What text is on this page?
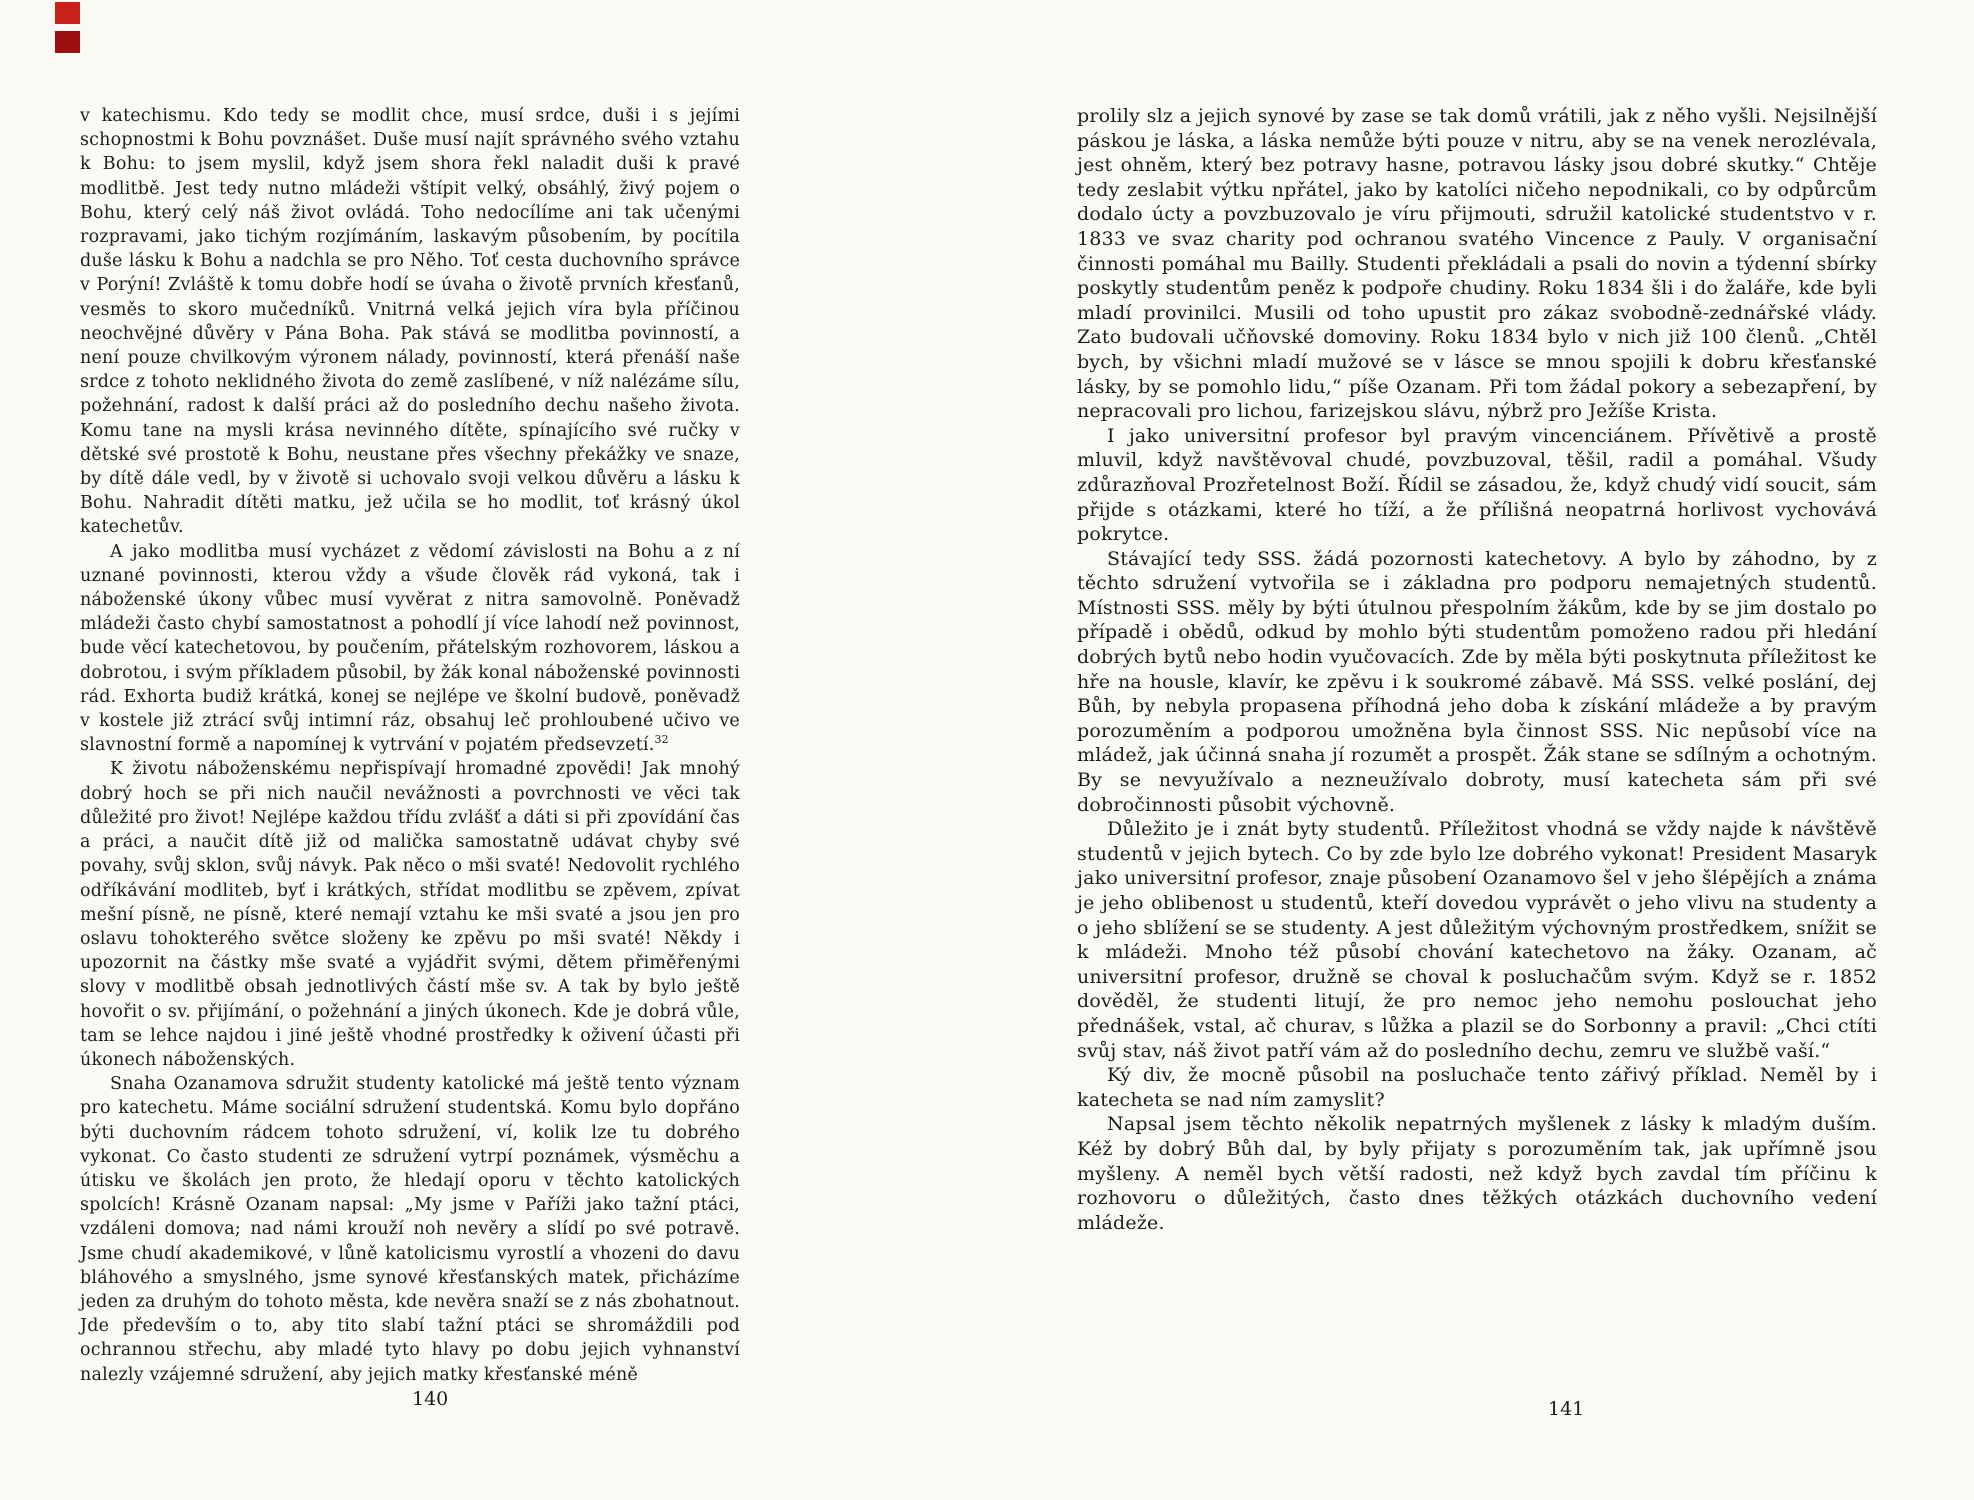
v katechismu. Kdo tedy se modlit chce, musí srdce, duši i s jejími schopnostmi k Bohu povznášet. Duše musí najít správného svého vztahu k Bohu: to jsem myslil, když jsem shora řekl naladit duši k pravé modlitbě. Jest tedy nutno mládeži vštípit velký, obsáhlý, živý pojem o Bohu, který celý náš život ovládá. Toho nedocílíme ani tak učenými rozpravami, jako tichým rozjímáním, laskavým působením, by pocítila duše lásku k Bohu a nadchla se pro Něho. Toť cesta duchovního správce v Porýní! Zvláště k tomu dobře hodí se úvaha o životě prvních křesťanů, vesměs to skoro mučedníků. Vnitrná velká jejich víra byla příčinou neochvějné důvěry v Pána Boha. Pak stává se modlitba povinností, a není pouze chvilkovým výronem nálady, povinností, která přenáší naše srdce z tohoto neklidného života do země zaslíbené, v níž nalézáme sílu, požehnání, radost k další práci až do posledního dechu našeho života. Komu tane na mysli krása nevinného dítěte, spínajícího své ručky v dětské své prostotě k Bohu, neustane přes všechny překážky ve snaze, by dítě dále vedl, by v životě si uchovalo svoji velkou důvěru a lásku k Bohu. Nahradit dítěti matku, jež učila se ho modlit, toť krásný úkol katechetův.

A jako modlitba musí vycházet z vědomí závislosti na Bohu a z ní uznané povinnosti, kterou vždy a všude člověk rád vykoná, tak i náboženské úkony vůbec musí vyvěrat z nitra samovolně. Poněvadž mládeži často chybí samostatnost a pohodlí jí více lahodí než povinnost, bude věcí katechetovou, by poučením, přátelským rozhovorem, láskou a dobrotou, i svým příkladem působil, by žák konal náboženské povinnosti rád. Exhorta budiž krátká, konej se nejlépe ve školní budově, poněvadž v kostele již ztrácí svůj intimní ráz, obsahuj leč prohloubené učivo ve slavnostní formě a napomínej k vytrvání v pojatém předsevzetí.$^{32}$

K životu náboženskému nepřispívají hromadné zpovědi! Jak mnohý dobrý hoch se při nich naučil nevážnosti a povrchnosti ve věci tak důležité pro život! Nejlépe každou třídu zvlášť a dáti si při zpovídání čas a práci, a naučit dítě již od malička samostatně udávat chyby své povahy, svůj sklon, svůj návyk. Pak něco o mši svaté! Nedovolit rychlého odříkávání modliteb, byť i krátkých, střídat modlitbu se zpěvem, zpívat mešní písně, ne písně, které nemají vztahu ke mši svaté a jsou jen pro oslavu tohokterého světce složeny ke zpěvu po mši svaté! Někdy i upozornit na částky mše svaté a vyjádřit svými, dětem přiměřenými slovy v modlitbě obsah jednotlivých částí mše sv. A tak by bylo ještě hovořit o sv. přijímání, o požehnání a jiných úkonech. Kde je dobrá vůle, tam se lehce najdou i jiné ještě vhodné prostředky k oživení účasti při úkonech náboženských.

Snaha Ozanamova sdružit studenty katolické má ještě tento význam pro katechetu. Máme sociální sdružení studentská. Komu bylo dopřáno býti duchovním rádcem tohoto sdružení, ví, kolik lze tu dobrého vykonat. Co často studenti ze sdružení vytrpí poznámek, výsměchu a útisku ve školách jen proto, že hledají oporu v těchto katolických spolcích! Krásně Ozanam napsal: „My jsme v Paříži jako tažní ptáci, vzdáleni domova; nad námi krouží noh nevěry a slídí po své potravě. Jsme chudí akademikové, v lůně katolicismu vyrostlí a vhozeni do davu bláhového a smyslného, jsme synové křesťanských matek, přicházíme jeden za druhým do tohoto města, kde nevěra snaží se z nás zbohatnout. Jde především o to, aby tito slabí tažní ptáci se shromáždili pod ochrannou střechu, aby mladé tyto hlavy po dobu jejich vyhnanství nalezly vzájemné sdružení, aby jejich matky křesťanské méně

140

prolily slz a jejich synové by zase se tak domů vrátili, jak z něho vyšli. Nejsilnější páskou je láska, a láska nemůže býti pouze v nitru, aby se na venek nerozlévala, jest ohněm, který bez potravy hasne, potravou lásky jsou dobré skutky.“ Chtěje tedy zeslabit výtku npřátel, jako by katolíci ničeho nepodnikali, co by odpůrcům dodalo úcty a povzbuzovalo je víru přijmouti, sdružil katolické studentstvo v r. 1833 ve svaz charity pod ochranou svatého Vincence z Pauly. V organisační činnosti pomáhal mu Bailly. Studenti překládali a psali do novin a týdenní sbírky poskytly studentům peněz k podpoře chudiny. Roku 1834 šli i do žaláře, kde byli mladí provinilci. Musili od toho upustit pro zákaz svobodně-zednářské vlády. Zato budovali učňovské domoviny. Roku 1834 bylo v nich již 100 členů. „Chtěl bych, by všichni mladí mužové se v lásce se mnou spojili k dobru křesťanské lásky, by se pomohlo lidu,“ píše Ozanam. Při tom žádal pokory a sebezapření, by nepracovali pro lichou, farizejskou slávu, nýbrž pro Ježíše Krista.

I jako universitní profesor byl pravým vincenciánem. Přívětivě a prostě mluvil, když navštěvoval chudé, povzbuzoval, těšil, radil a pomáhal. Všudy zdůrazňoval Prozřetelnost Boží. Řídil se zásadou, že, když chudý vidí soucit, sám přijde s otázkami, které ho tíží, a že přílišná neopatrná horlivost vychovává pokrytce.

Stávající tedy SSS. žádá pozornosti katechetovy. A bylo by záhodno, by z těchto sdružení vytvořila se i základna pro podporu nemajetných studentů. Místnosti SSS. měly by býti útulnou přespolním žákům, kde by se jim dostalo po případě i obědů, odkud by mohlo býti studentům pomoženo radou při hledání dobrých bytů nebo hodin vyučovacích. Zde by měla býti poskytnuta příležitost ke hře na housle, klavír, ke zpěvu i k soukromé zábavě. Má SSS. velké poslání, dej Bůh, by nebyla propasena příhodná jeho doba k získání mládeže a by pravým porozuměním a podporou umožněna byla činnost SSS. Nic nepůsobí více na mládež, jak účinná snaha jí rozumět a prospět. Žák stane se sdílným a ochotným. By se nevyužívalo a nezneužívalo dobroty, musí katecheta sám při své dobročinnosti působit výchovně.

Důležito je i znát byty studentů. Příležitost vhodná se vždy najde k návštěvě studentů v jejich bytech. Co by zde bylo lze dobrého vykonat! President Masaryk jako universitní profesor, znaje působení Ozanamovo šel v jeho šlépějích a známa je jeho oblibenost u studentů, kteří dovedou vyprávět o jeho vlivu na studenty a o jeho sblížení se se studenty. A jest důležitým výchovným prostředkem, snížit se k mládeži. Mnoho též působí chování katechetovo na žáky. Ozanam, ač universitní profesor, družně se choval k posluchačům svým. Když se r. 1852 dověděl, že studenti litují, že pro nemoc jeho nemohu poslouchat jeho přednášek, vstal, ač churav, s lůžka a plazil se do Sorbonny a pravil: „Chci ctíti svůj stav, náš život patří vám až do posledního dechu, zemru ve službě vaší.“

Ký div, že mocně působil na posluchače tento zářivý příklad. Neměl by i katecheta se nad ním zamyslit?

Napsal jsem těchto několik nepatrných myšlenek z lásky k mladým duším. Kéž by dobrý Bůh dal, by byly přijaty s porozuměním tak, jak upřímně jsou myšleny. A neměl bych větší radosti, než když bych zavdal tím příčinu k rozhovoru o důležitých, často dnes těžkých otázkách duchovního vedení mládeže.

141
